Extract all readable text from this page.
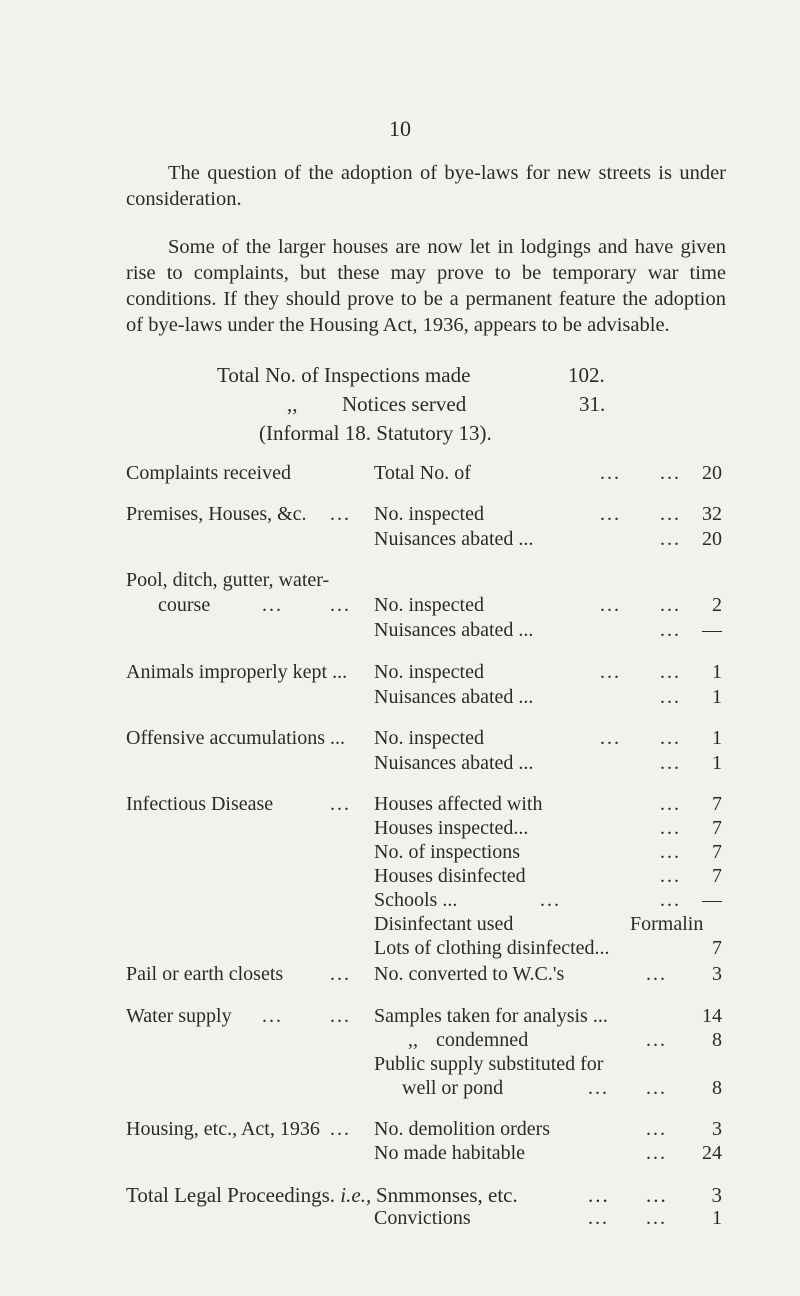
10

The question of the adoption of bye-laws for new streets is under consideration.

Some of the larger houses are now let in lodgings and have given rise to complaints, but these may prove to be temporary war time conditions. If they should prove to be a permanent feature the adoption of bye-laws under the Housing Act, 1936, appears to be advisable.

Total No. of Inspections made	102.
,, Notices served	31.
(Informal 18. Statutory 13).
Complaints received	Total No. of	... ...	20
Premises, Houses, &c. ... No. inspected	... ...	32
Nuisances abated ...	...	20
Pool, ditch, gutter, water-
course	... ... No. inspected	... ...	2
Nuisances abated ...	...	—
Animals improperly kept ... No. inspected	... ...	1
Nuisances abated ...	...	1
Offensive accumulations ... No. inspected	... ...	1
Nuisances abated ...	...	1
Infectious Disease	... Houses affected with	...	7
Houses inspected...	...	7
No. of inspections	...	7
Houses disinfected	...	7
Schools ...	...	...	—
Disinfectant used	Formalin
Lots of clothing disinfected...	7
Pail or earth closets ... No. converted to W.C.'s	...	3
Water supply ... ... Samples taken for analysis ...	14
,, condemned	...	8
Public supply substituted for
well or pond	... ...	8
Housing, etc., Act, 1936 ... No. demolition orders	...	3
No made habitable	...	24
Total Legal Proceedings. i.e., Snmmonses, etc.	... ...	3
Convictions	... ...	1
